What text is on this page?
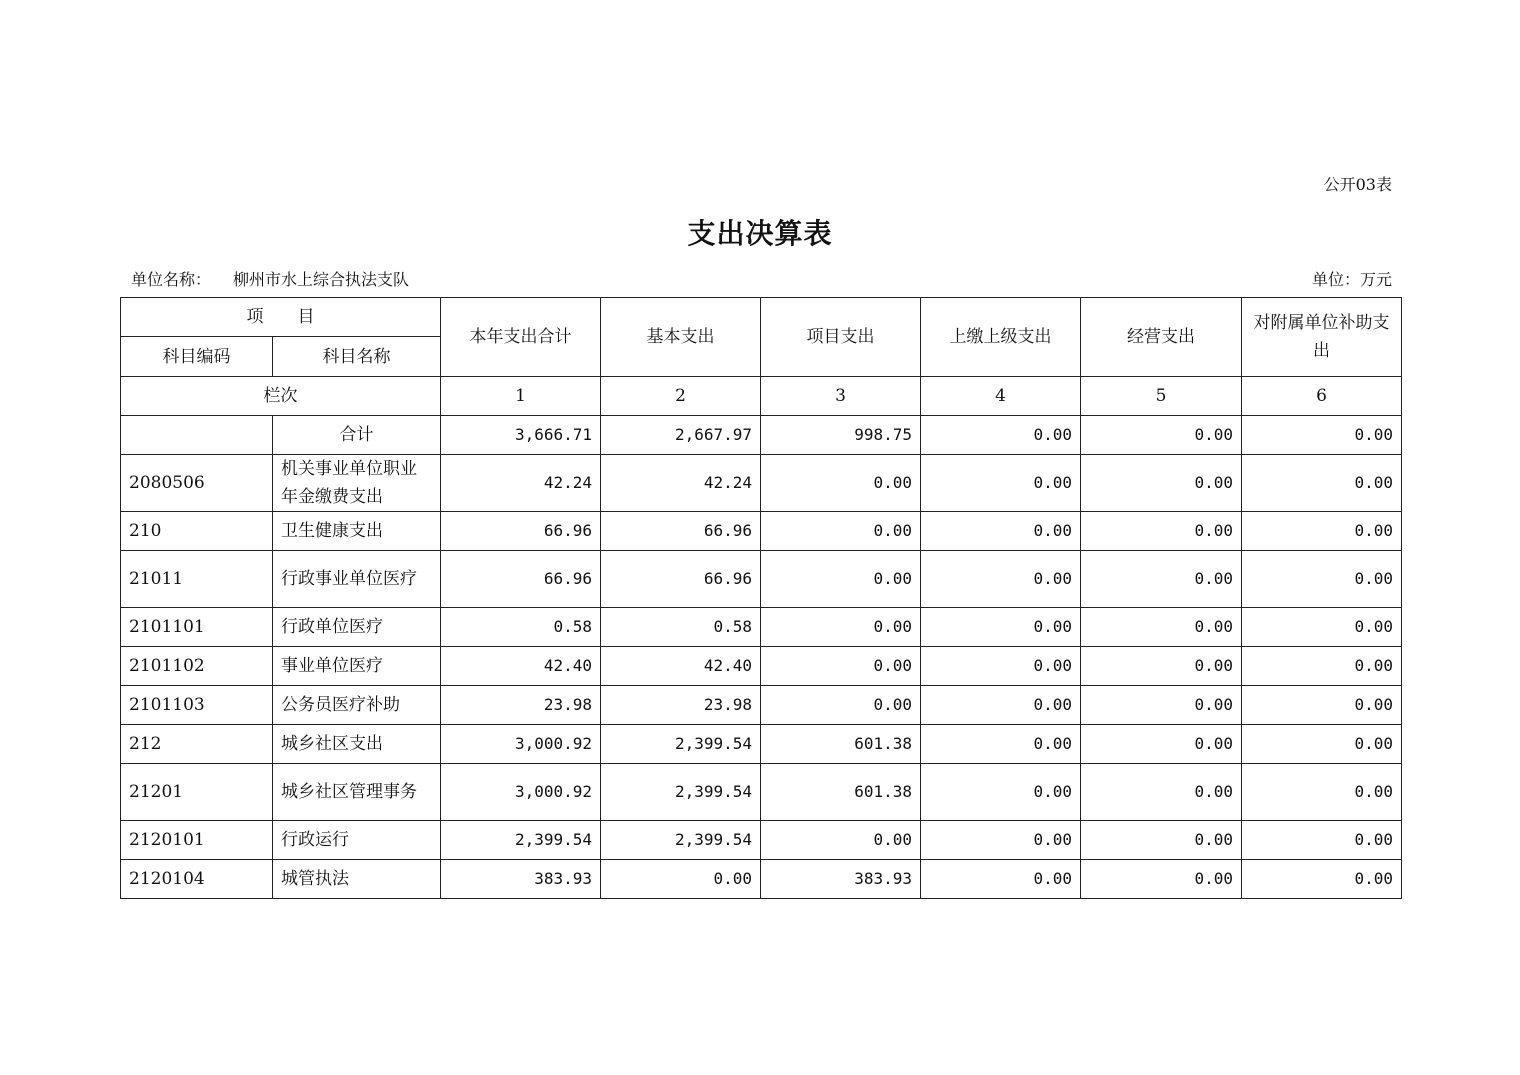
公开03表
支出决算表
单位名称： 柳州市水上综合执法支队	单位：万元
项　　目		本年支出合计	基本支出	项目支出	上缴上级支出	经营支出	对附属单位补助支出
科目编码	科目名称						
栏次		1	2	3	4	5	6
	合计	3,666.71	2,667.97	998.75	0.00	0.00	0.00
2080506	机关事业单位职业年金缴费支出	42.24	42.24	0.00	0.00	0.00	0.00
210	卫生健康支出	66.96	66.96	0.00	0.00	0.00	0.00
21011	行政事业单位医疗	66.96	66.96	0.00	0.00	0.00	0.00
2101101	行政单位医疗	0.58	0.58	0.00	0.00	0.00	0.00
2101102	事业单位医疗	42.40	42.40	0.00	0.00	0.00	0.00
2101103	公务员医疗补助	23.98	23.98	0.00	0.00	0.00	0.00
212	城乡社区支出	3,000.92	2,399.54	601.38	0.00	0.00	0.00
21201	城乡社区管理事务	3,000.92	2,399.54	601.38	0.00	0.00	0.00
2120101	行政运行	2,399.54	2,399.54	0.00	0.00	0.00	0.00
2120104	城管执法	383.93	0.00	383.93	0.00	0.00	0.00
